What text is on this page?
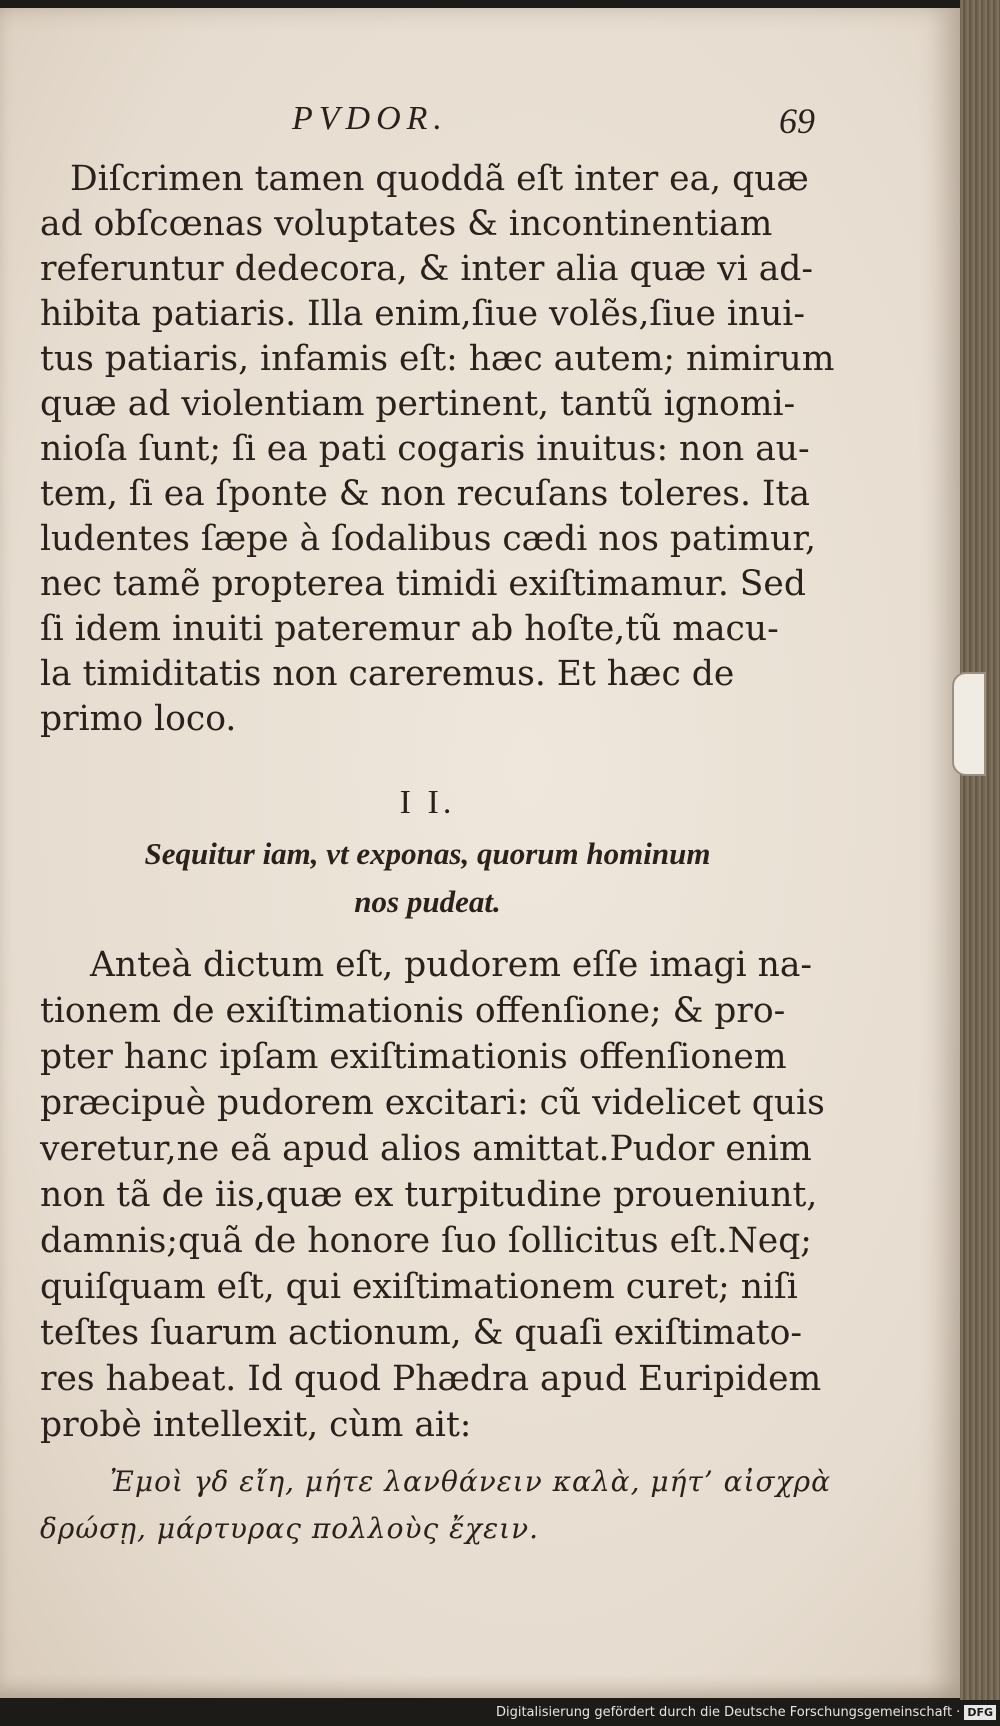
PVDOR.	69
Diſcrimen tamen quoddã eſt inter ea, quæ
ad obſcœnas voluptates & incontinentiam
referuntur dedecora, & inter alia quæ vi ad-
hibita patiaris. Illa enim,ſiue volẽs,ſiue inui-
tus patiaris, infamis eſt: hæc autem; nimirum
quæ ad violentiam pertinent, tantũ ignomi-
nioſa ſunt; ſi ea pati cogaris inuitus: non au-
tem, ſi ea ſponte & non recuſans toleres. Ita
ludentes ſæpe à ſodalibus cædi nos patimur,
nec tamẽ propterea timidi exiſtimamur. Sed
ſi idem inuiti pateremur ab hoſte,tũ macu-
la timiditatis non careremus. Et hæc de
primo loco.
I I.
Sequitur iam, vt exponas, quorum hominum
nos pudeat.
Anteà dictum eſt, pudorem eſſe imagi na-
tionem de exiſtimationis offenſione; & pro-
pter hanc ipſam exiſtimationis offenſionem
præcipuè pudorem excitari: cũ videlicet quis
veretur,ne eã apud alios amittat.Pudor enim
non tã de iis,quæ ex turpitudine proueniunt,
damnis;quã de honore ſuo ſollicitus eſt.Neq;
quiſquam eſt, qui exiſtimationem curet; niſi
teſtes ſuarum actionum, & quaſi exiſtimato-
res habeat. Id quod Phædra apud Euripidem
probè intellexit, cùm ait:
Ἐμοὶ γδ εἴη, μήτε λανθάνειν καλὰ, μήτ’ αἰσχρὰ
δρώσῃ, μάρτυρας πολλοὺς ἔχειν.
Digitalisierung gefördert durch die Deutsche Forschungsgemeinschaft · DFG
